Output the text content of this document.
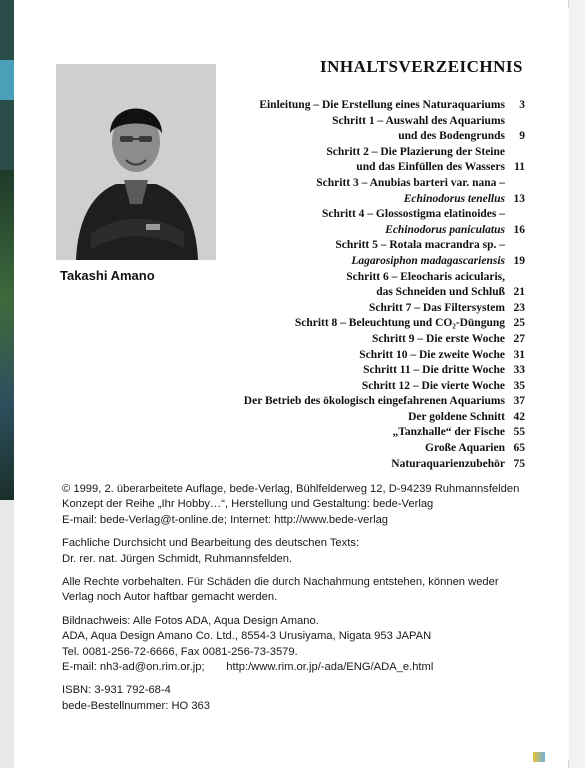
Takashi Amano
INHALTSVERZEICHNIS
Einleitung – Die Erstellung eines Naturaquariums	3
Schritt 1 – Auswahl des Aquariums
und des Bodengrunds	9
Schritt 2 – Die Plazierung der Steine
und das Einfüllen des Wassers 11
Schritt 3 – Anubias barteri var. nana –
Echinodorus tenellus 13
Schritt 4 – Glossostigma elatinoides –
Echinodorus paniculatus 16
Schritt 5 – Rotala macrandra sp. –
Lagarosiphon madagascariensis 19
Schritt 6 – Eleocharis acicularis,
das Schneiden und Schluß 21
Schritt 7 – Das Filtersystem 23
Schritt 8 – Beleuchtung und CO₂-Düngung 25
Schritt 9 – Die erste Woche 27
Schritt 10 – Die zweite Woche 31
Schritt 11 – Die dritte Woche 33
Schritt 12 – Die vierte Woche 35
Der Betrieb des ökologisch eingefahrenen Aquariums 37
Der goldene Schnitt 42
„Tanzhalle“ der Fische 55
Große Aquarien 65
Naturaquarienzubehör 75
© 1999, 2. überarbeitete Auflage, bede-Verlag, Bühlfelderweg 12, D-94239 Ruhmannsfelden
Konzept der Reihe „Ihr Hobby…“, Herstellung und Gestaltung: bede-Verlag
E-mail: bede-Verlag@t-online.de; Internet: http://www.bede-verlag
Fachliche Durchsicht und Bearbeitung des deutschen Texts:
Dr. rer. nat. Jürgen Schmidt, Ruhmannsfelden.
Alle Rechte vorbehalten. Für Schäden die durch Nachahmung entstehen, können weder
Verlag noch Autor haftbar gemacht werden.
Bildnachweis: Alle Fotos ADA, Aqua Design Amano.
ADA, Aqua Design Amano Co. Ltd., 8554-3 Urusiyama, Nigata 953 JAPAN
Tel. 0081-256-72-6666, Fax 0081-256-73-3579.
E-mail: nh3-ad@on.rim.or.jp;       http:/www.rim.or.jp/-ada/ENG/ADA_e.html
ISBN: 3-931 792-68-4
bede-Bestellnummer: HO 363
